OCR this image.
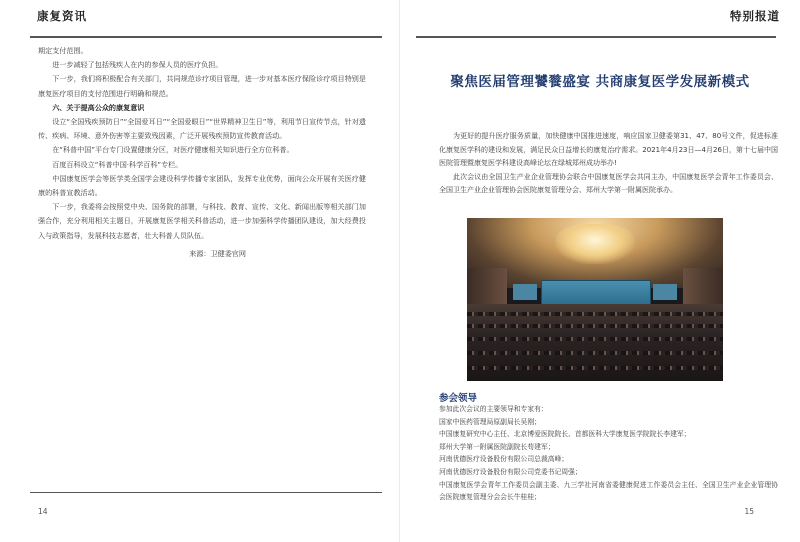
康复资讯

期定支付范围。

进一步减轻了包括残疾人在内的参保人员的医疗负担。

下一步，我们将积极配合有关部门，共同规范诊疗项目管理，进一步对基本医疗保险诊疗项目特别是康复医疗项目的支付范围进行明确和规范。

六、关于提高公众的康复意识

设立“全国残疾预防日”“全国爱耳日”“全国爱眼日”“世界精神卫生日”等，利用节日宣传节点，针对遗传、疾病、环境、意外伤害等主要致残因素，广泛开展残疾预防宣传教育活动。

在“科普中国”平台专门设置健康分区，对医疗健康相关知识进行全方位科普。

百度百科设立“科普中国·科学百科”专栏。

中国康复医学会等医学类全国学会建设科学传播专家团队，发挥专业优势，面向公众开展有关医疗健康的科普宣教活动。

下一步，我委将会按照党中央、国务院的部署，与科技、教育、宣传、文化、新闻出版等相关部门加强合作，充分利用相关主题日，开展康复医学相关科普活动，进一步加强科学传播团队建设，加大经费投入与政策指导，发展科技志愿者，壮大科普人员队伍。

来源：卫健委官网

14
特别报道
聚焦医届管理饕餮盛宴 共商康复医学发展新模式

为更好的提升医疗服务质量，加快健康中国推进速度，响应国家卫健委第31、47、80号文件，促进标准化康复医学科的建设和发展，满足民众日益增长的康复治疗需求。2021年4月23日—4月26日，第十七届中国医院管理暨康复医学科建设高峰论坛在绿城郑州成功举办!

此次会议由全国卫生产业企业管理协会联合中国康复医学会共同主办，中国康复医学会青年工作委员会、全国卫生产业企业管理协会医院康复管理分会、郑州大学第一附属医院承办。

参会领导

参加此次会议的主要领导和专家有：

国家中医药管理局原副局长吴刚；

中国康复研究中心主任、北京博爱医院院长、首都医科大学康复医学院院长李建军；

郑州大学第一附属医院副院长苟建军；

河南优德医疗设备股份有限公司总裁高峰；

河南优德医疗设备股份有限公司党委书记周强；

中国康复医学会青年工作委员会副主委、九三学社河南省委健康促进工作委员会主任、全国卫生产业企业管理协会医院康复管理分会会长牛桂桂；

15
